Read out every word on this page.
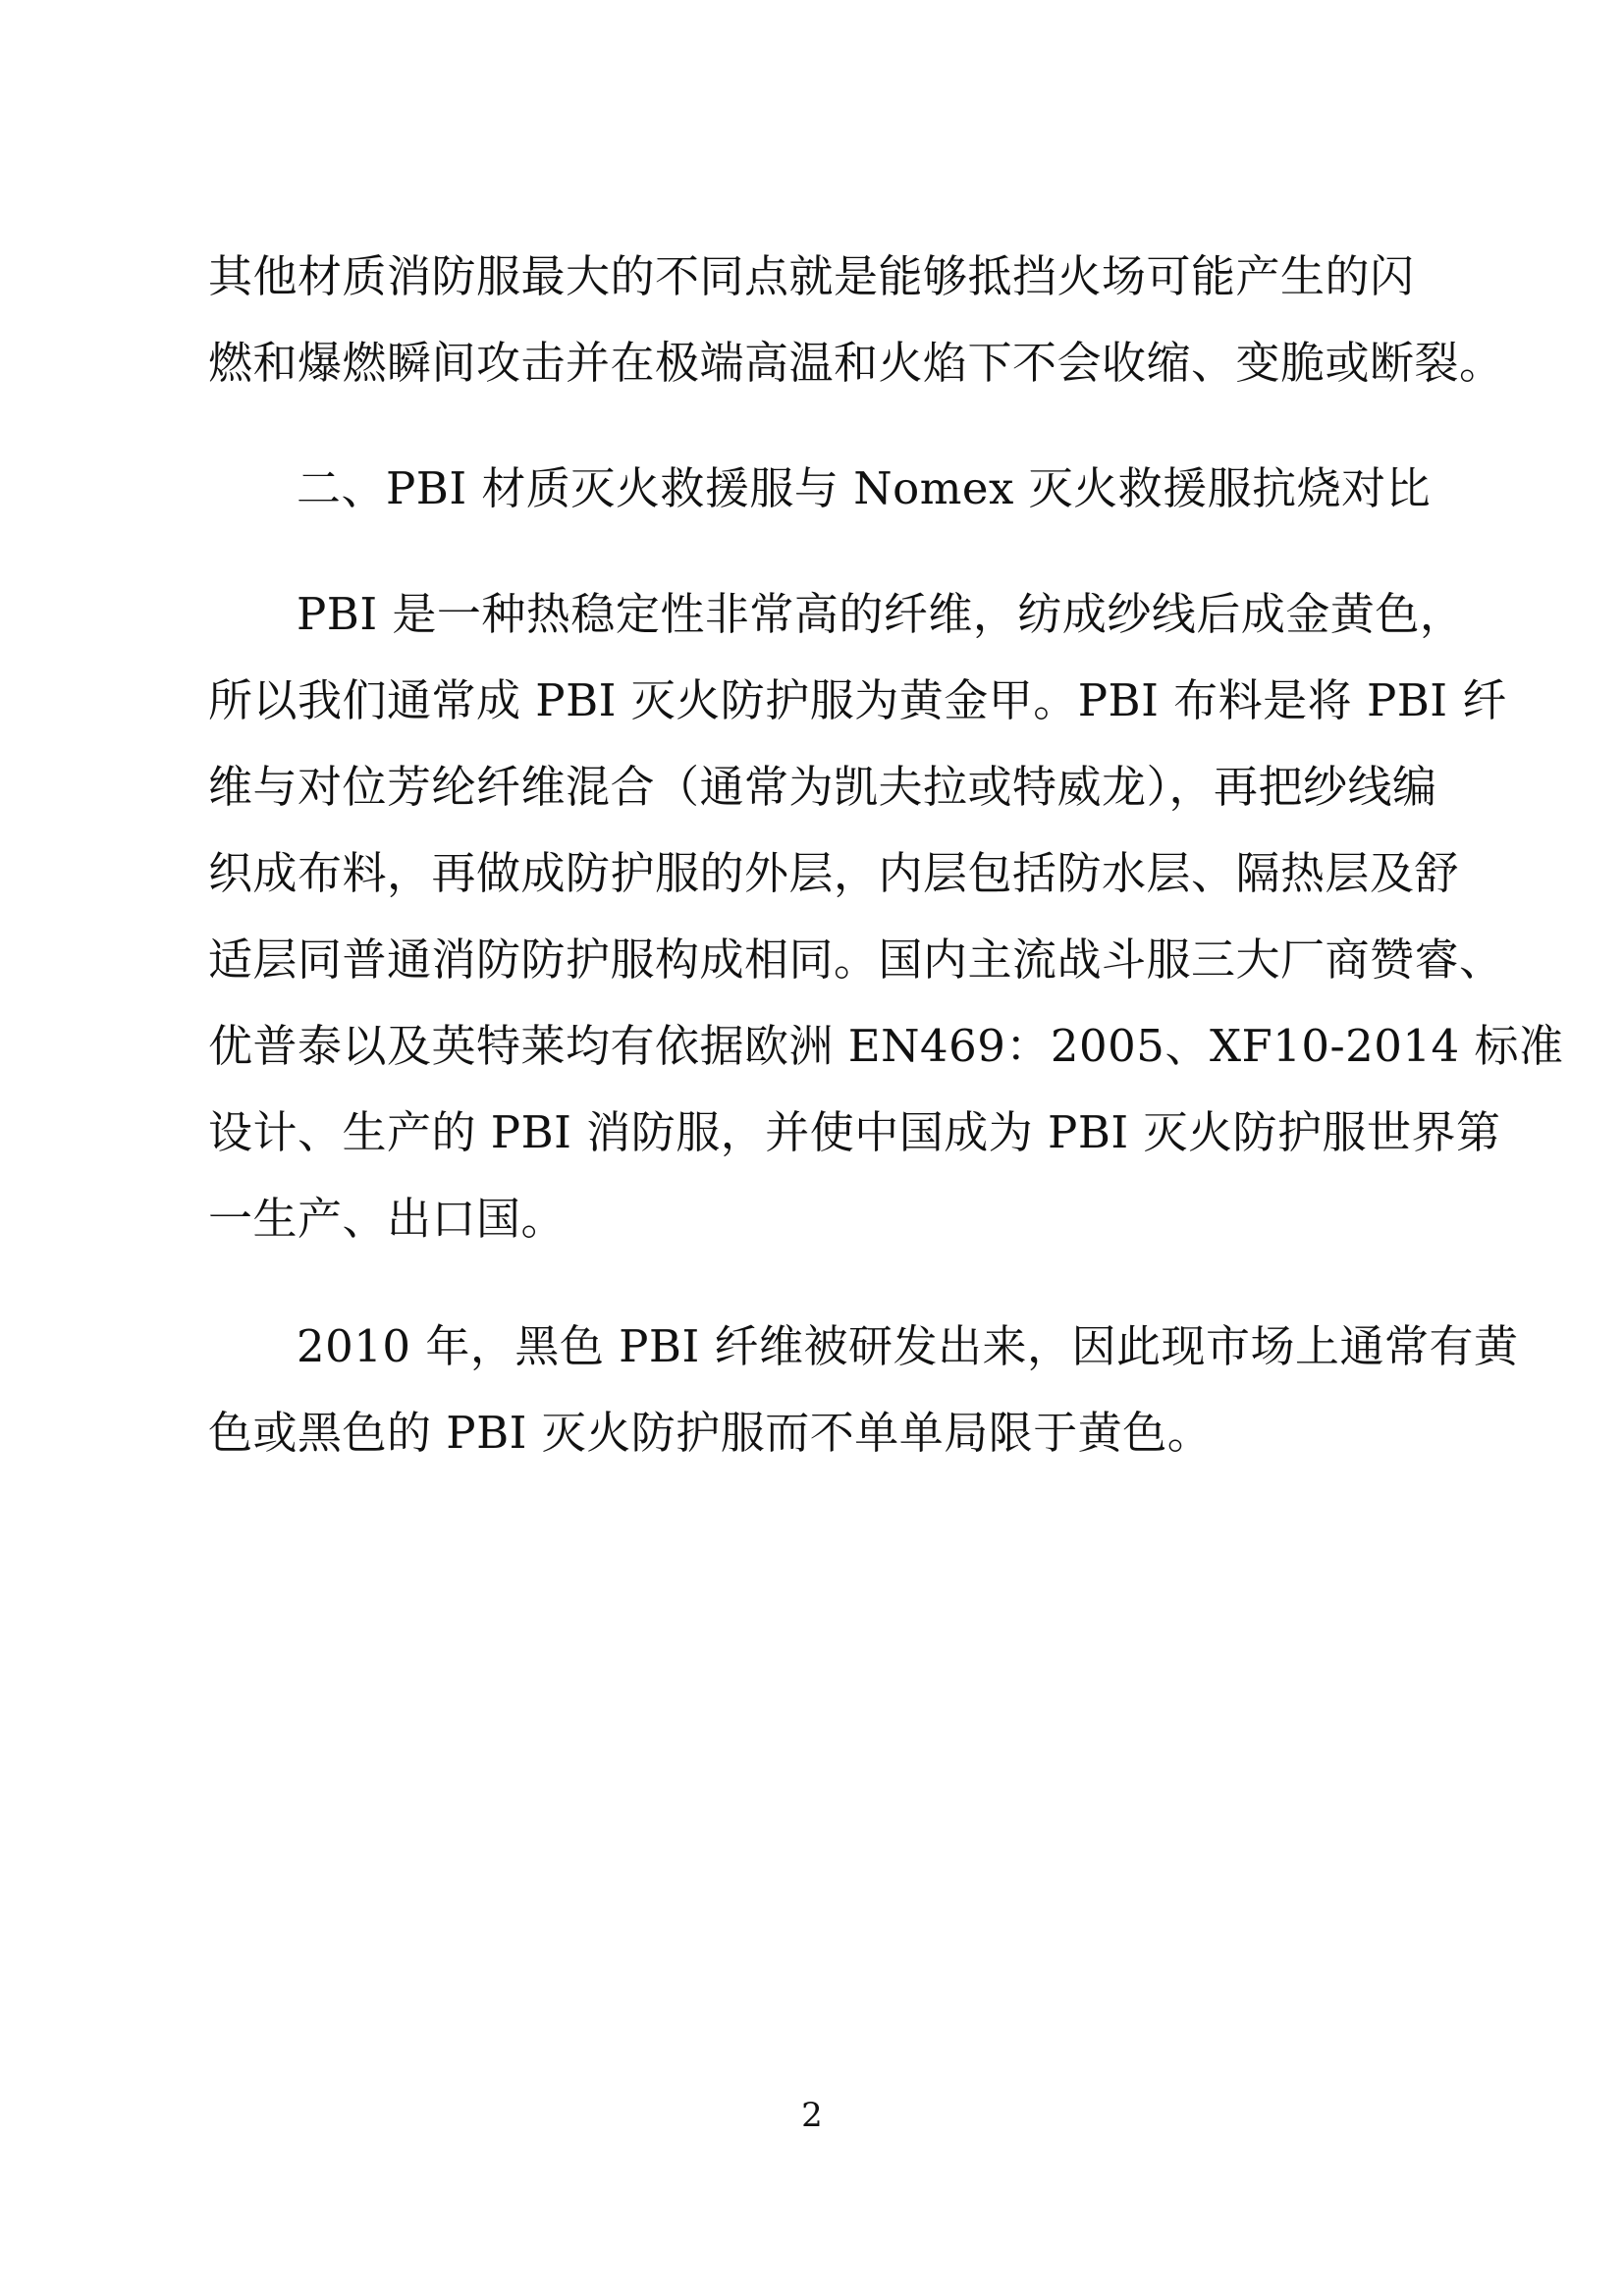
其他材质消防服最大的不同点就是能够抵挡火场可能产生的闪
燃和爆燃瞬间攻击并在极端高温和火焰下不会收缩、变脆或断裂。
二、PBI 材质灭火救援服与 Nomex 灭火救援服抗烧对比
PBI 是一种热稳定性非常高的纤维，纺成纱线后成金黄色，
所以我们通常成 PBI 灭火防护服为黄金甲。PBI 布料是将 PBI 纤
维与对位芳纶纤维混合（通常为凯夫拉或特威龙），再把纱线编
织成布料，再做成防护服的外层，内层包括防水层、隔热层及舒
适层同普通消防防护服构成相同。国内主流战斗服三大厂商赞睿、
优普泰以及英特莱均有依据欧洲 EN469：2005、XF10-2014 标准
设计、生产的 PBI 消防服，并使中国成为 PBI 灭火防护服世界第
一生产、出口国。
2010 年，黑色 PBI 纤维被研发出来，因此现市场上通常有黄
色或黑色的 PBI 灭火防护服而不单单局限于黄色。
2
